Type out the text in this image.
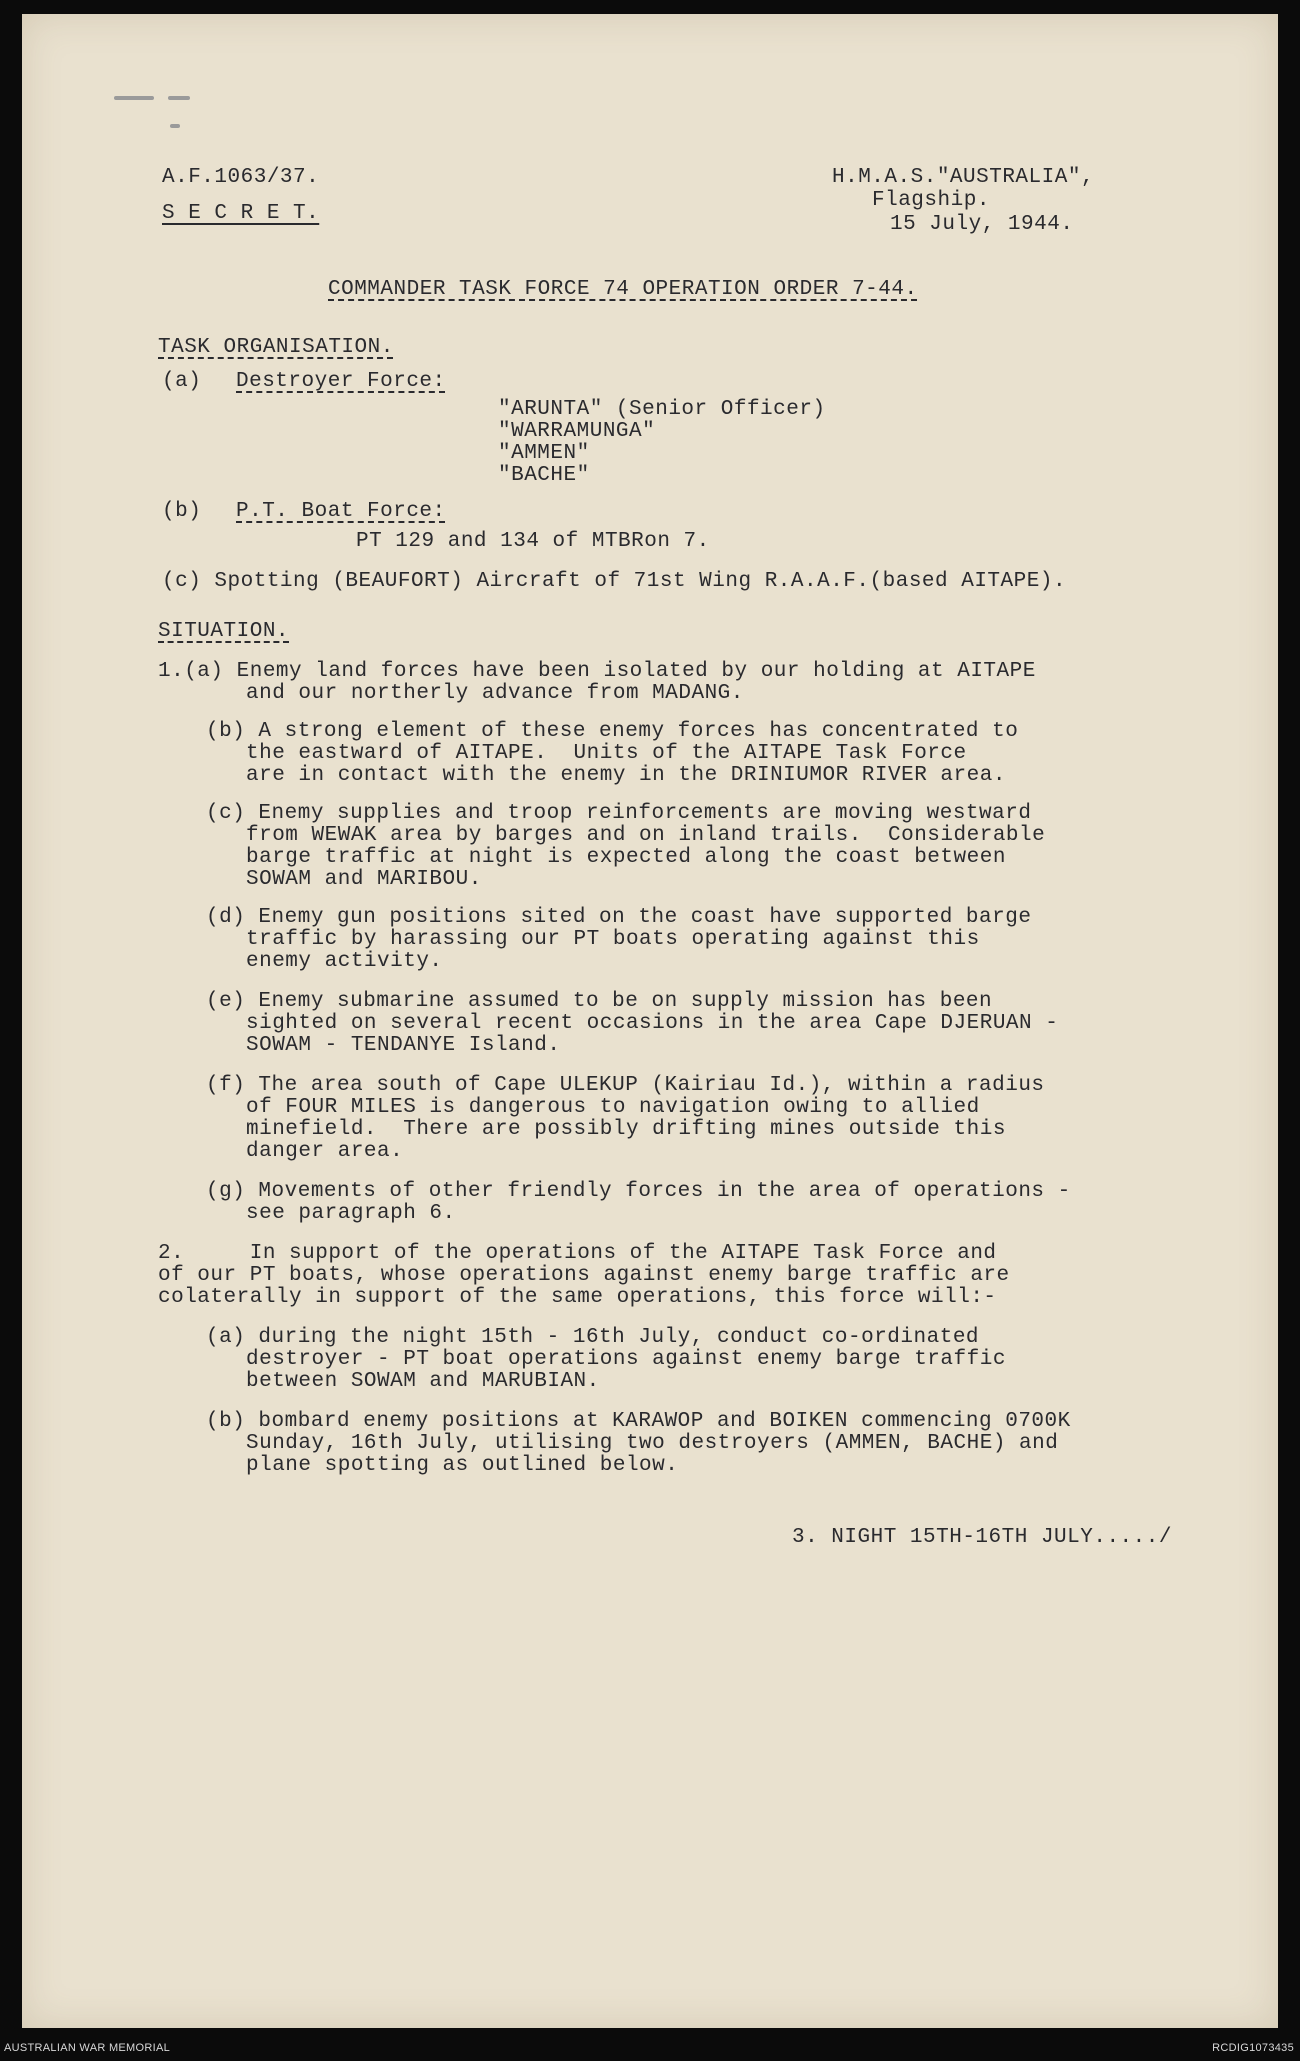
A.F.1063/37.
S E C R E T.
H.M.A.S."AUSTRALIA",
Flagship.
15 July, 1944.
COMMANDER TASK FORCE 74 OPERATION ORDER 7-44.
TASK ORGANISATION.
(a) Destroyer Force:
"ARUNTA" (Senior Officer)
"WARRAMUNGA"
"AMMEN"
"BACHE"
(b) P.T. Boat Force:
PT 129 and 134 of MTBRon 7.
(c) Spotting (BEAUFORT) Aircraft of 71st Wing R.A.A.F.(based AITAPE).
SITUATION.
1.(a) Enemy land forces have been isolated by our holding at AITAPE
and our northerly advance from MADANG.
(b) A strong element of these enemy forces has concentrated to
the eastward of AITAPE.  Units of the AITAPE Task Force
are in contact with the enemy in the DRINIUMOR RIVER area.
(c) Enemy supplies and troop reinforcements are moving westward
from WEWAK area by barges and on inland trails.  Considerable
barge traffic at night is expected along the coast between
SOWAM and MARIBOU.
(d) Enemy gun positions sited on the coast have supported barge
traffic by harassing our PT boats operating against this
enemy activity.
(e) Enemy submarine assumed to be on supply mission has been
sighted on several recent occasions in the area Cape DJERUAN -
SOWAM - TENDANYE Island.
(f) The area south of Cape ULEKUP (Kairiau Id.), within a radius
of FOUR MILES is dangerous to navigation owing to allied
minefield.  There are possibly drifting mines outside this
danger area.
(g) Movements of other friendly forces in the area of operations -
see paragraph 6.
2.     In support of the operations of the AITAPE Task Force and
of our PT boats, whose operations against enemy barge traffic are
colaterally in support of the same operations, this force will:-
(a) during the night 15th - 16th July, conduct co-ordinated
destroyer - PT boat operations against enemy barge traffic
between SOWAM and MARUBIAN.
(b) bombard enemy positions at KARAWOP and BOIKEN commencing 0700K
Sunday, 16th July, utilising two destroyers (AMMEN, BACHE) and
plane spotting as outlined below.
3. NIGHT 15TH-16TH JULY...../
AUSTRALIAN WAR MEMORIAL	RCDIG1073435
